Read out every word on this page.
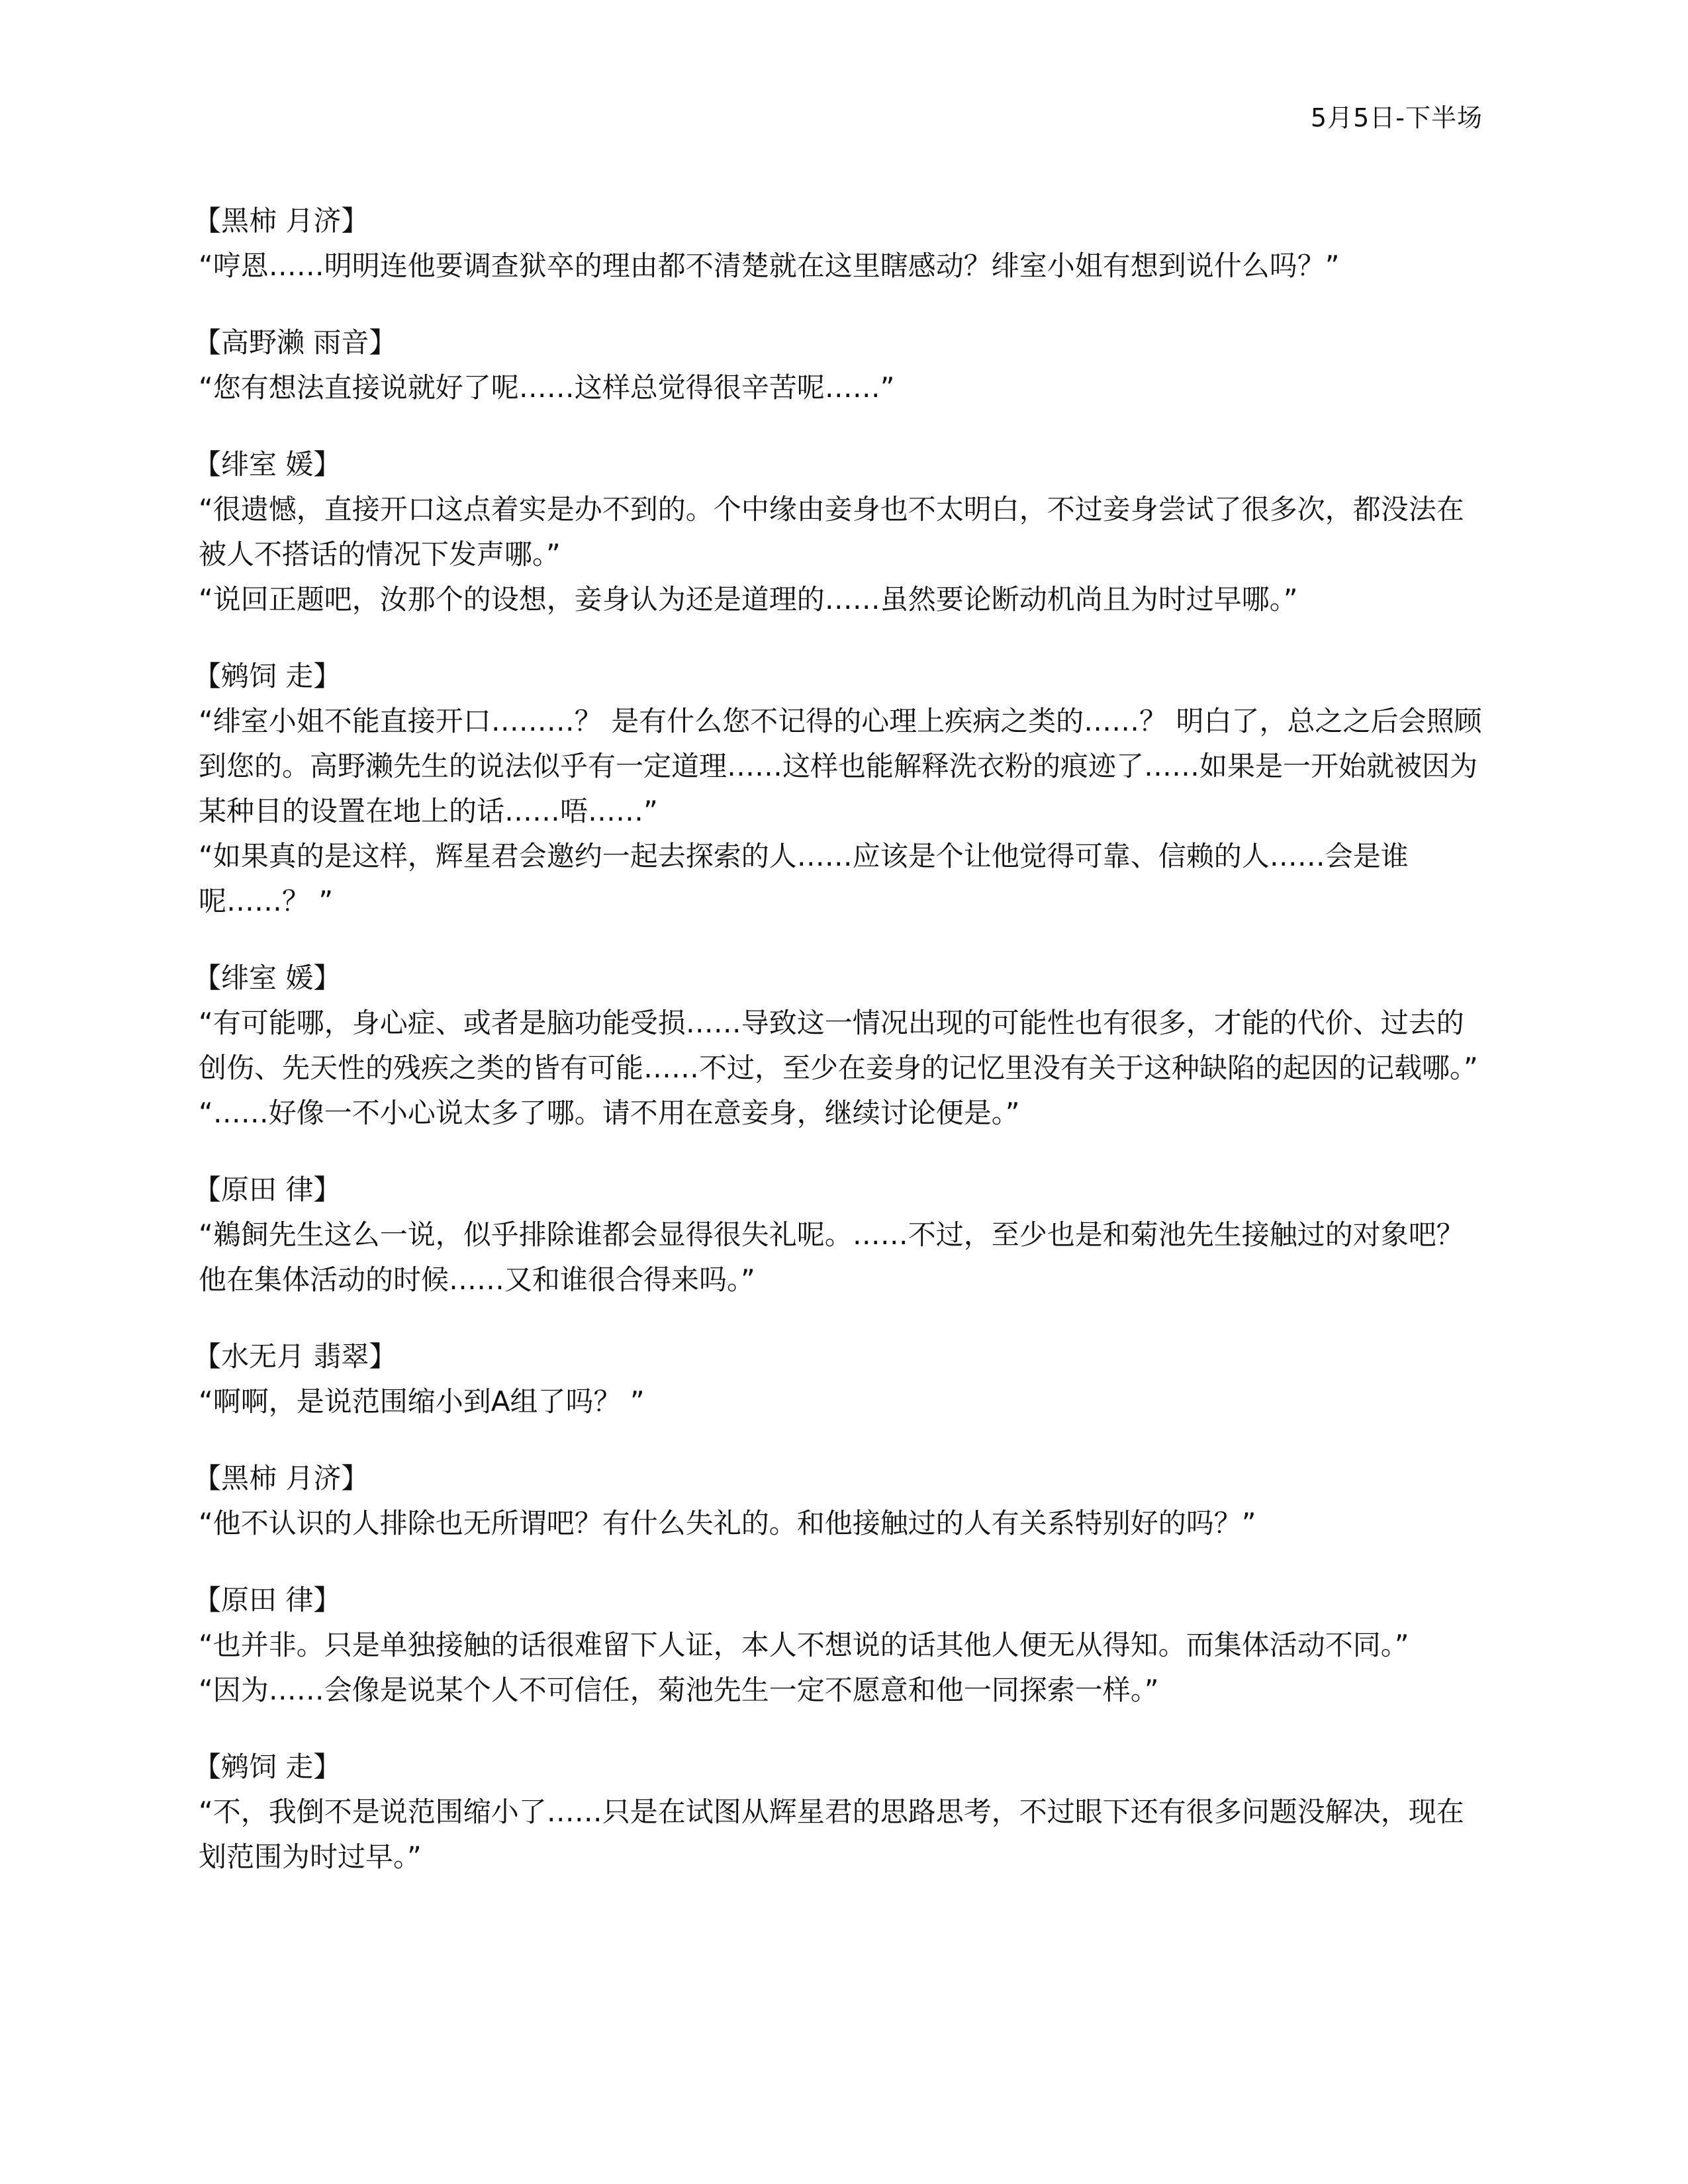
5月5日-下半场
【黑柿 月济】

“哼恩……明明连他要调查狱卒的理由都不清楚就在这里瞎感动？绯室小姐有想到说什么吗？”

【高野濑 雨音】

“您有想法直接说就好了呢……这样总觉得很辛苦呢……”

【绯室 媛】

“很遗憾，直接开口这点着实是办不到的。个中缘由妾身也不太明白，不过妾身尝试了很多次，都没法在被人不搭话的情况下发声哪。”

“说回正题吧，汝那个的设想，妾身认为还是道理的……虽然要论断动机尚且为时过早哪。”

【鹓饲 走】

“绯室小姐不能直接开口………？ 是有什么您不记得的心理上疾病之类的……？ 明白了，总之之后会照顾到您的。高野濑先生的说法似乎有一定道理……这样也能解释洗衣粉的痕迹了……如果是一开始就被因为某种目的设置在地上的话……唔……”

“如果真的是这样，辉星君会邀约一起去探索的人……应该是个让他觉得可靠、信赖的人……会是谁呢……？ ”

【绯室 媛】

“有可能哪，身心症、或者是脑功能受损……导致这一情况出现的可能性也有很多，才能的代价、过去的创伤、先天性的残疾之类的皆有可能……不过，至少在妾身的记忆里没有关于这种缺陷的起因的记载哪。”

“……好像一不小心说太多了哪。请不用在意妾身，继续讨论便是。”

【原田 律】

“鵜飼先生这么一说，似乎排除谁都会显得很失礼呢。……不过，至少也是和菊池先生接触过的对象吧？他在集体活动的时候……又和谁很合得来吗。”

【水无月 翡翠】

“啊啊，是说范围缩小到A组了吗？ ”

【黑柿 月济】

“他不认识的人排除也无所谓吧？有什么失礼的。和他接触过的人有关系特别好的吗？”

【原田 律】

“也并非。只是单独接触的话很难留下人证，本人不想说的话其他人便无从得知。而集体活动不同。”

“因为……会像是说某个人不可信任，菊池先生一定不愿意和他一同探索一样。”

【鹓饲 走】

“不，我倒不是说范围缩小了……只是在试图从辉星君的思路思考，不过眼下还有很多问题没解决，现在划范围为时过早。”
